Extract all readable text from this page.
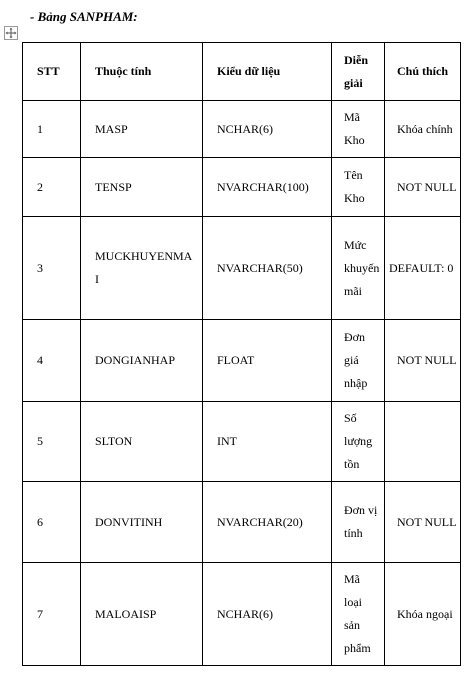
- Bảng SANPHAM:
STT	Thuộc tính	Kiểu dữ liệu	Diễn giải	Chú thích
1	MASP	NCHAR(6)	Mã Kho	Khóa chính
2	TENSP	NVARCHAR(100)	Tên Kho	NOT NULL
3	MUCKHUYENMAI	NVARCHAR(50)	Mức khuyến mãi	DEFAULT: 0
4	DONGIANHAP	FLOAT	Đơn giá nhập	NOT NULL
5	SLTON	INT	Số lượng tồn	
6	DONVITINH	NVARCHAR(20)	Đơn vị tính	NOT NULL
7	MALOAISP	NCHAR(6)	Mã loại sản phẩm	Khóa ngoại
